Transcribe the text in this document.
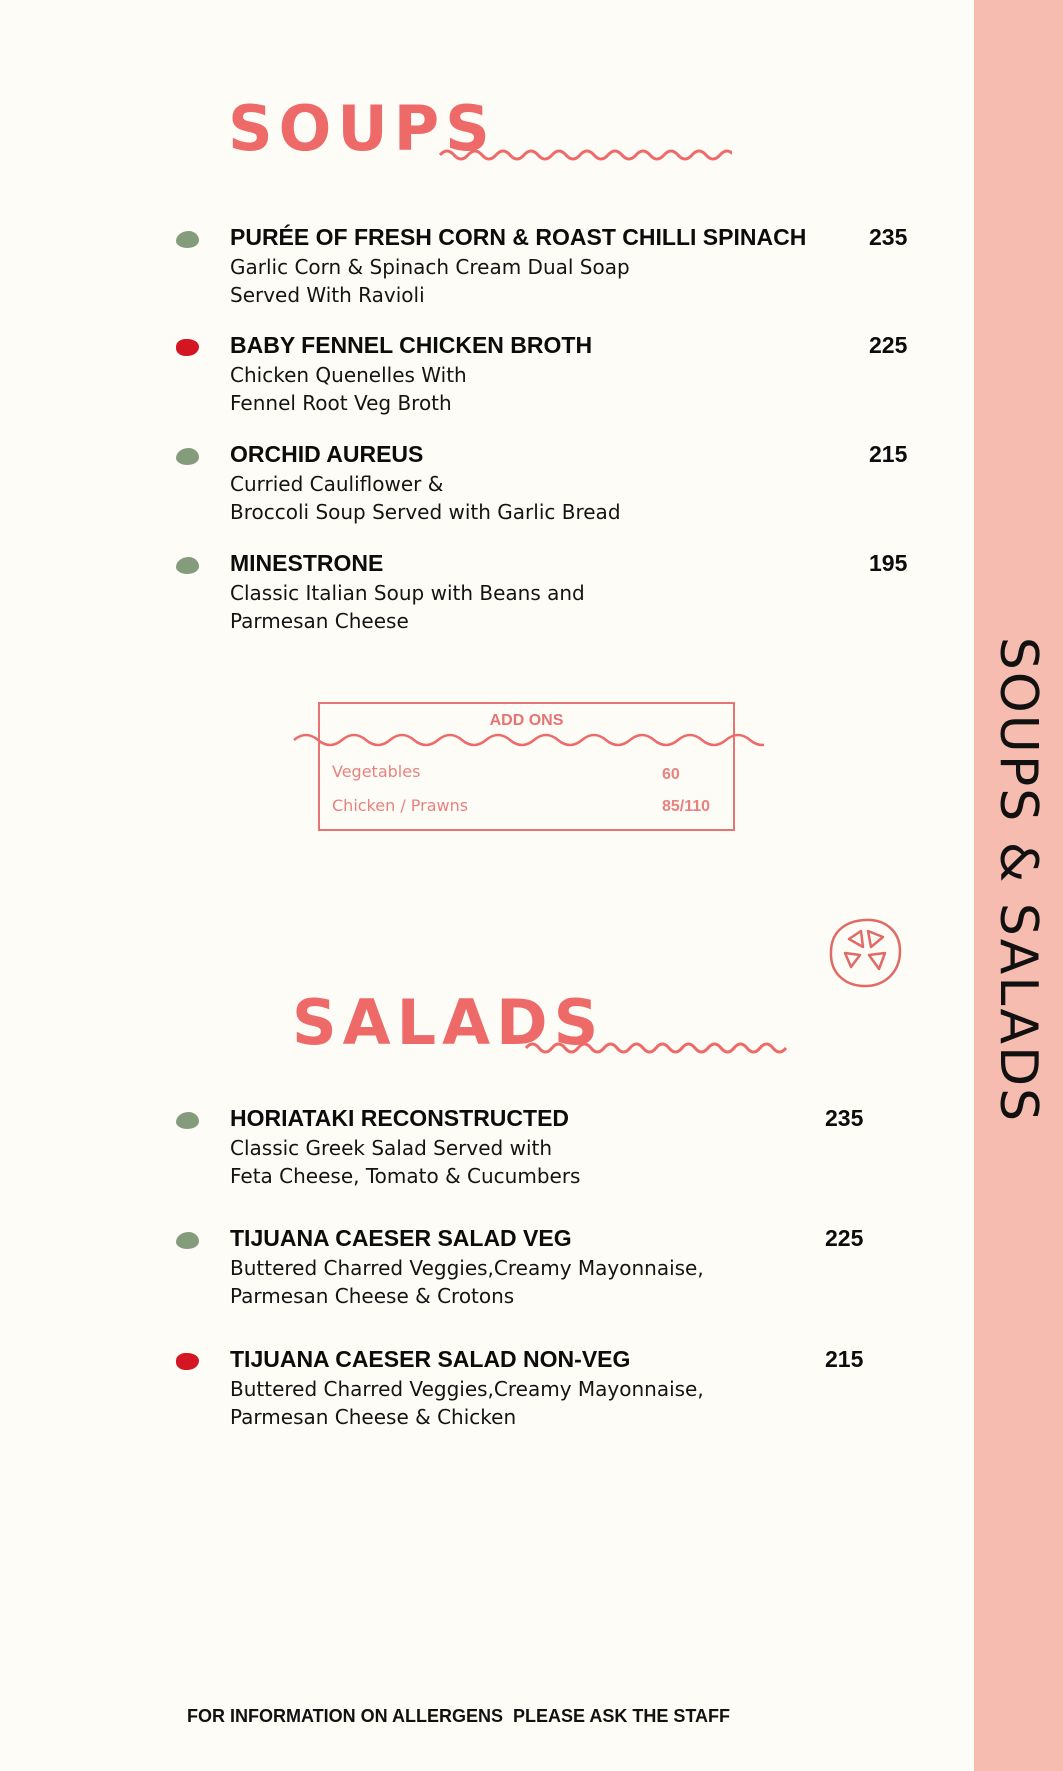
SOUPS & SALADS
SOUPS
PURÉE OF FRESH CORN & ROAST CHILLI SPINACH
Garlic Corn & Spinach Cream Dual Soap
Served With Ravioli
235
BABY FENNEL CHICKEN BROTH
Chicken Quenelles With
Fennel Root Veg Broth
225
ORCHID AUREUS
Curried Cauliflower &
Broccoli Soup Served with Garlic Bread
215
MINESTRONE
Classic Italian Soup with Beans and
Parmesan Cheese
195
ADD ONS
Vegetables	60
Chicken / Prawns	85/110
SALADS
HORIATAKI RECONSTRUCTED
Classic Greek Salad Served with
Feta Cheese, Tomato & Cucumbers
235
TIJUANA CAESER SALAD VEG
Buttered Charred Veggies,Creamy Mayonnaise,
Parmesan Cheese & Crotons
225
TIJUANA CAESER SALAD NON-VEG
Buttered Charred Veggies,Creamy Mayonnaise,
Parmesan Cheese & Chicken
215
FOR INFORMATION ON ALLERGENS  PLEASE ASK THE STAFF
